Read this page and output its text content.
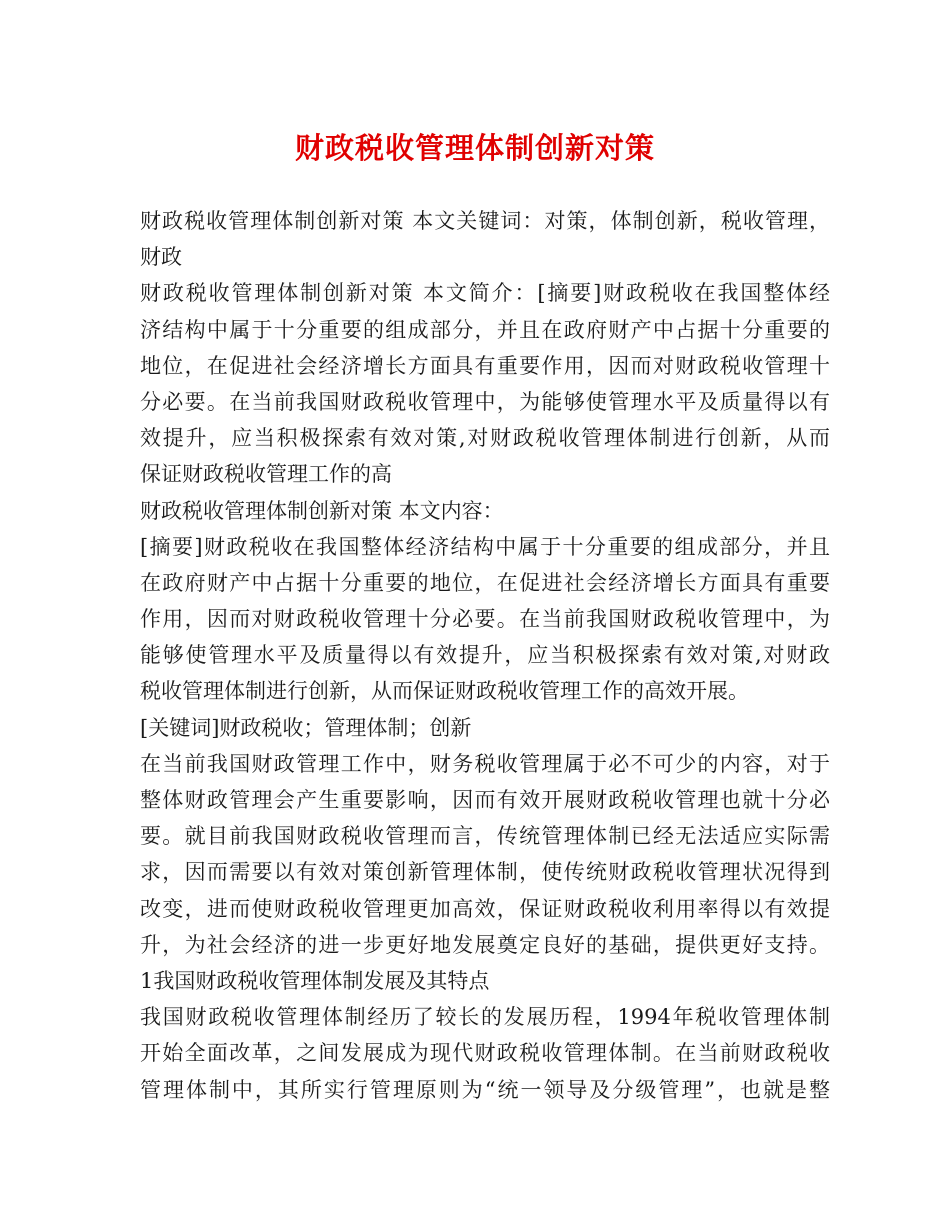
财政税收管理体制创新对策
财政税收管理体制创新对策 本文关键词：对策，体制创新，税收管理，
财政
财政税收管理体制创新对策 本文简介：[摘要]财政税收在我国整体经
济结构中属于十分重要的组成部分，并且在政府财产中占据十分重要的
地位，在促进社会经济增长方面具有重要作用，因而对财政税收管理十
分必要。在当前我国财政税收管理中，为能够使管理水平及质量得以有
效提升，应当积极探索有效对策,对财政税收管理体制进行创新，从而
保证财政税收管理工作的高
财政税收管理体制创新对策 本文内容：
[摘要]财政税收在我国整体经济结构中属于十分重要的组成部分，并且
在政府财产中占据十分重要的地位，在促进社会经济增长方面具有重要
作用，因而对财政税收管理十分必要。在当前我国财政税收管理中，为
能够使管理水平及质量得以有效提升，应当积极探索有效对策,对财政
税收管理体制进行创新，从而保证财政税收管理工作的高效开展。
[关键词]财政税收；管理体制；创新
在当前我国财政管理工作中，财务税收管理属于必不可少的内容，对于
整体财政管理会产生重要影响，因而有效开展财政税收管理也就十分必
要。就目前我国财政税收管理而言，传统管理体制已经无法适应实际需
求，因而需要以有效对策创新管理体制，使传统财政税收管理状况得到
改变，进而使财政税收管理更加高效，保证财政税收利用率得以有效提
升，为社会经济的进一步更好地发展奠定良好的基础，提供更好支持。
1我国财政税收管理体制发展及其特点
我国财政税收管理体制经历了较长的发展历程，1994年税收管理体制
开始全面改革，之间发展成为现代财政税收管理体制。在当前财政税收
管理体制中，其所实行管理原则为“统一领导及分级管理”，也就是整
